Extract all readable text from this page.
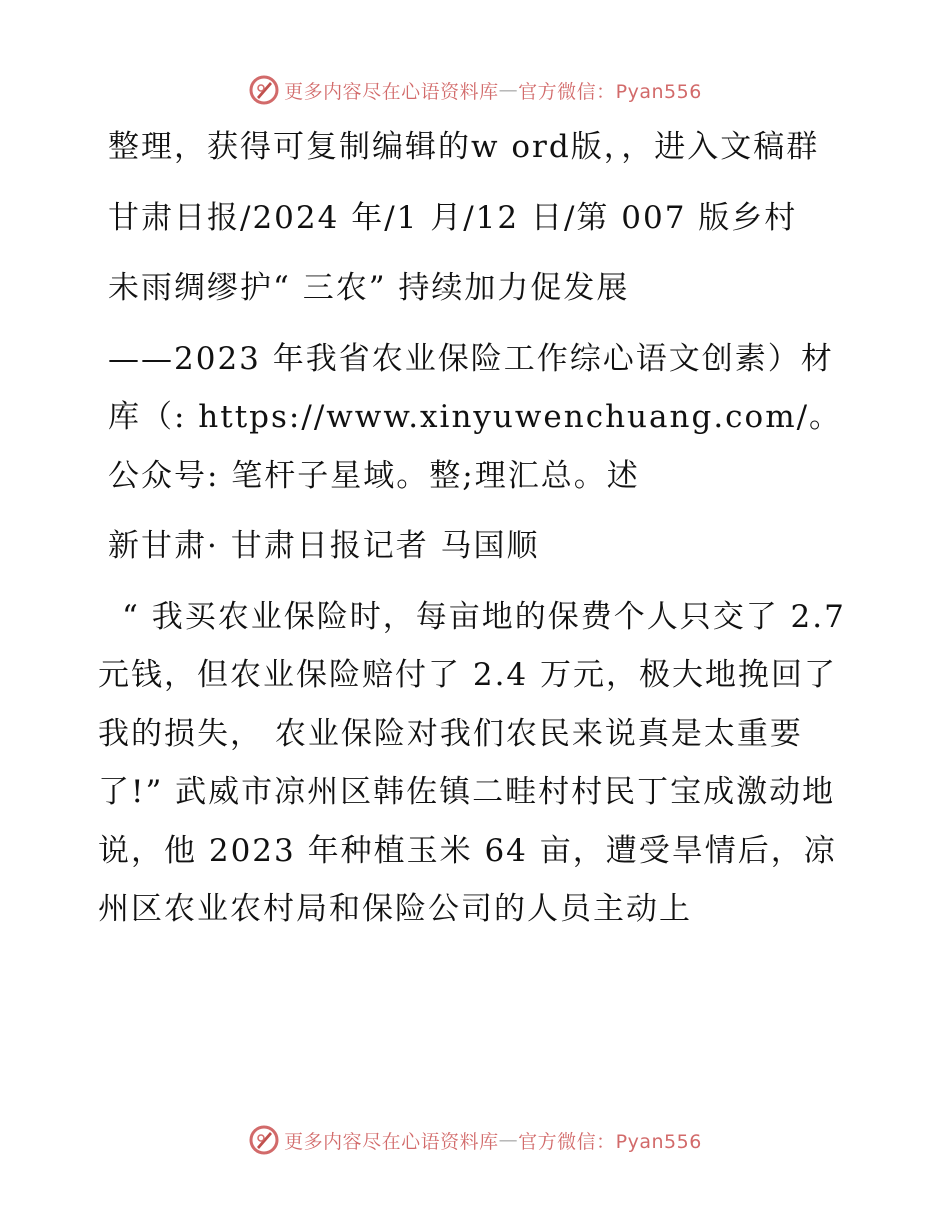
更多内容尽在心语资料库 — 官方微信：Pyan556

整理，获得可复制编辑的w ord版，，进入文稿群

甘肃日报/2024 年/1 月/12 日/第 007 版乡村

未雨绸缪护“ 三农” 持续加力促发展

——2023 年我省农业保险工作综心语文创素）材库（: https://www.xinyuwenchuang.com/。公众号: 笔杆子星域。整;理汇总。述

新甘肃· 甘肃日报记者 马国顺

“ 我买农业保险时，每亩地的保费个人只交了 2.7 元钱，但农业保险赔付了 2.4 万元，极大地挽回了我的损失， 农业保险对我们农民来说真是太重要了!” 武威市凉州区韩佐镇二畦村村民丁宝成激动地说，他 2023 年种植玉米 64 亩，遭受旱情后，凉州区农业农村局和保险公司的人员主动上

更多内容尽在心语资料库 — 官方微信：Pyan556
